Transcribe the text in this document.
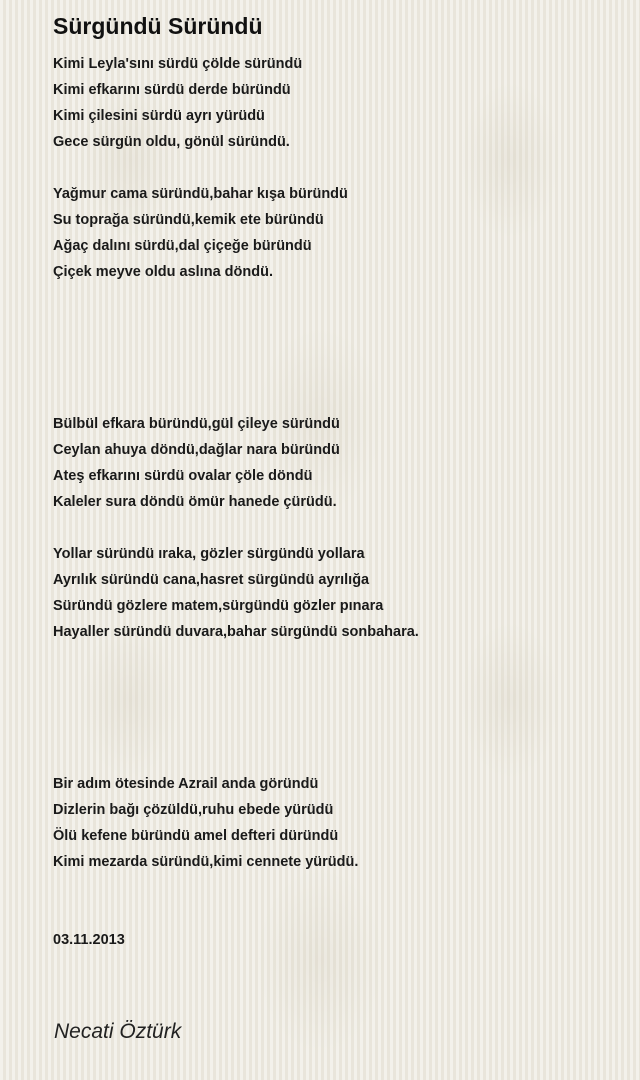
Sürgündü Süründü
Kimi Leyla'sını sürdü çölde süründü
Kimi efkarını sürdü derde büründü
Kimi çilesini sürdü ayrı yürüdü
Gece sürgün oldu, gönül süründü.
Yağmur cama süründü,bahar kışa büründü
Su toprağa süründü,kemik ete büründü
Ağaç dalını sürdü,dal çiçeğe büründü
Çiçek meyve oldu aslına döndü.
Bülbül efkara büründü,gül çileye süründü
Ceylan ahuya döndü,dağlar nara büründü
Ateş efkarını sürdü ovalar çöle döndü
Kaleler sura döndü ömür hanede çürüdü.
Yollar süründü ıraka, gözler sürgündü yollara
Ayrılık süründü cana,hasret sürgündü ayrılığa
Süründü gözlere matem,sürgündü gözler pınara
Hayaller süründü duvara,bahar sürgündü sonbahara.
Bir adım ötesinde Azrail anda göründü
Dizlerin bağı çözüldü,ruhu ebede yürüdü
Ölü kefene büründü amel defteri düründü
Kimi mezarda süründü,kimi cennete yürüdü.
03.11.2013
Necati Öztürk
